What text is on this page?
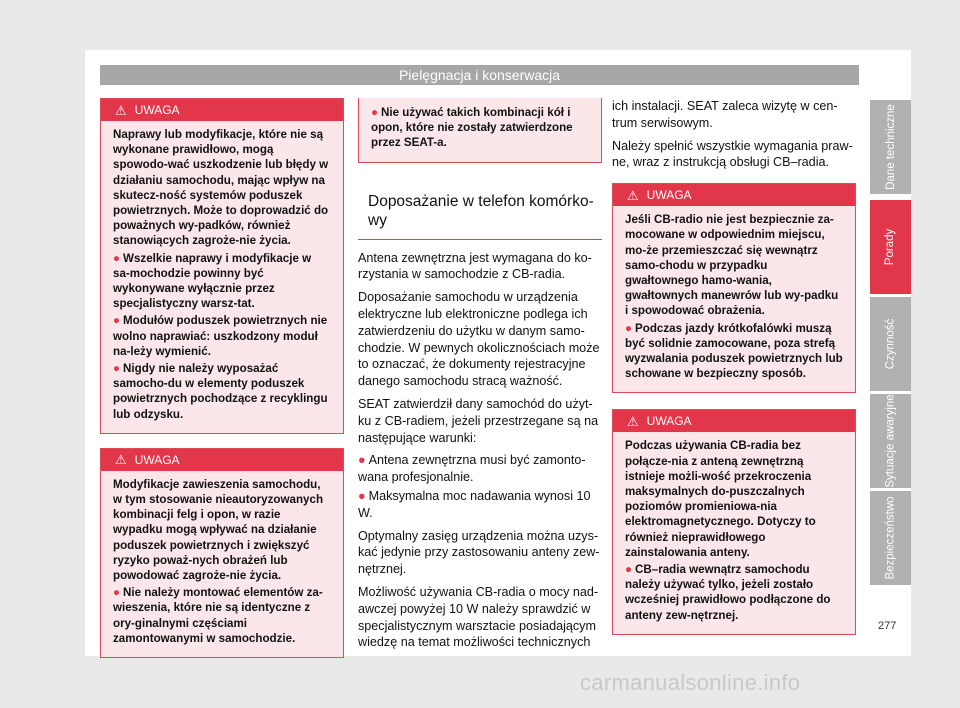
Pielęgnacja i konserwacja
⚠ UWAGA

Naprawy lub modyfikacje, które nie są wykonane prawidłowo, mogą spowodo-wać uszkodzenie lub błędy w działaniu samochodu, mając wpływ na skutecz-ność systemów poduszek powietrznych. Może to doprowadzić do poważnych wy-padków, również stanowiących zagroże-nie życia.

● Wszelkie naprawy i modyfikacje w sa-mochodzie powinny być wykonywane wyłącznie przez specjalistyczny warsz-tat.

● Modułów poduszek powietrznych nie wolno naprawiać: uszkodzony moduł na-leży wymienić.

● Nigdy nie należy wyposażać samocho-du w elementy poduszek powietrznych pochodzące z recyklingu lub odzysku.

⚠ UWAGA

Modyfikacje zawieszenia samochodu, w tym stosowanie nieautoryzowanych kombinacji felg i opon, w razie wypadku mogą wpływać na działanie poduszek powietrznych i zwiększyć ryzyko poważ-nych obrażeń lub powodować zagroże-nie życia.

● Nie należy montować elementów za-wieszenia, które nie są identyczne z ory-ginalnymi częściami zamontowanymi w samochodzie.

● Nie używać takich kombinacji kół i opon, które nie zostały zatwierdzone przez SEAT-a.

Doposażanie w telefon komórko-wy

Antena zewnętrzna jest wymagana do ko-rzystania w samochodzie z CB-radia.

Doposażanie samochodu w urządzenia elektryczne lub elektroniczne podlega ich zatwierdzeniu do użytku w danym samo-chodzie. W pewnych okolicznościach może to oznaczać, że dokumenty rejestracyjne danego samochodu stracą ważność.

SEAT zatwierdził dany samochód do użyt-ku z CB-radiem, jeżeli przestrzegane są na następujące warunki:

● Antena zewnętrzna musi być zamonto-wana profesjonalnie.

● Maksymalna moc nadawania wynosi 10 W.

Optymalny zasięg urządzenia można uzys-kać jedynie przy zastosowaniu anteny zew-nętrznej.

Możliwość używania CB-radia o mocy nad-awczej powyżej 10 W należy sprawdzić w specjalistycznym warsztacie posiadającym wiedzę na temat możliwości technicznych

ich instalacji. SEAT zaleca wizytę w cen-trum serwisowym.

Należy spełnić wszystkie wymagania praw-ne, wraz z instrukcją obsługi CB–radia.

⚠ UWAGA

Jeśli CB-radio nie jest bezpiecznie za-mocowane w odpowiednim miejscu, mo-że przemieszczać się wewnątrz samo-chodu w przypadku gwałtownego hamo-wania, gwałtownych manewrów lub wy-padku i spowodować obrażenia.

● Podczas jazdy krótkofalówki muszą być solidnie zamocowane, poza strefą wyzwalania poduszek powietrznych lub schowane w bezpieczny sposób.

⚠ UWAGA

Podczas używania CB-radia bez połącze-nia z anteną zewnętrzną istnieje możli-wość przekroczenia maksymalnych do-puszczalnych poziomów promieniowa-nia elektromagnetycznego. Dotyczy to również nieprawidłowego zainstalowania anteny.

● CB–radia wewnątrz samochodu należy używać tylko, jeżeli zostało wcześniej prawidłowo podłączone do anteny zew-nętrznej.

Dane techniczne
Porady
Czynność
Sytuacje awaryjne
Bezpieczeństwo
277
carmanualsonline.info
